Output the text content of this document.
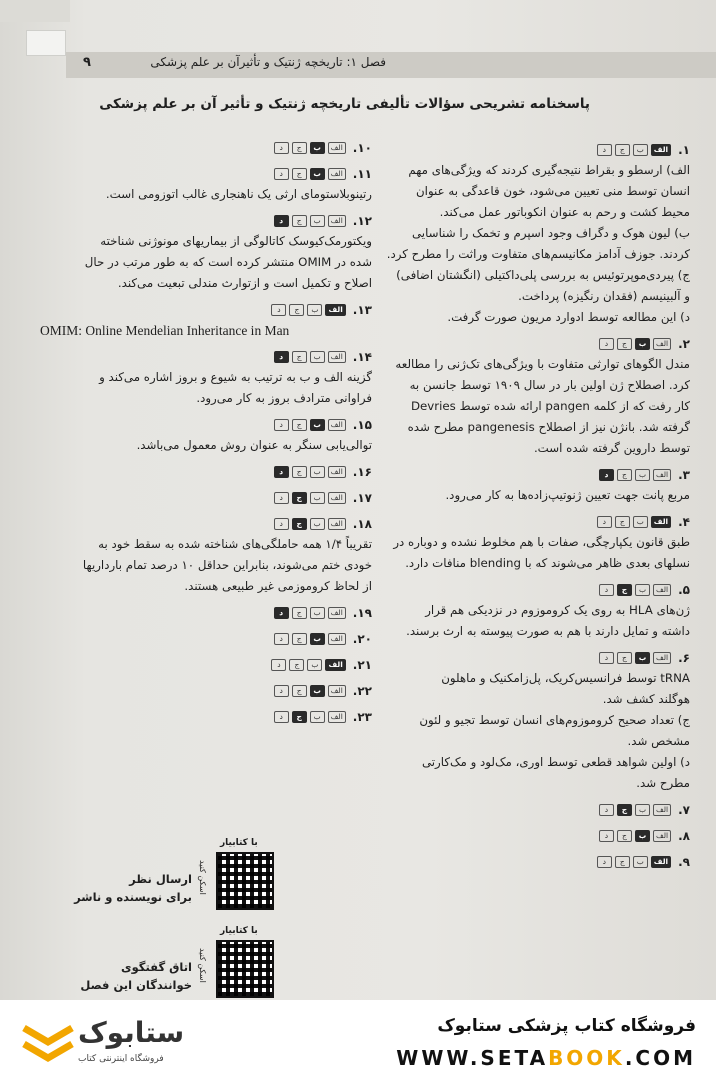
۹	فصل ۱: تاریخچه ژنتیک و تأثیرآن بر علم پزشکی
پاسخنامه تشریحی سؤالات تألیفی تاریخچه ژنتیک و تأثیر آن بر علم پزشکی
۱.
الف
ب
ج
د
الف) ارسطو و بقراط نتیجه‌گیری کردند که ویژگی‌های مهم
انسان توسط منی تعیین می‌شود، خون قاعدگی به عنوان
محیط کشت و رحم به عنوان انکوباتور عمل می‌کند.
ب) لیون هوک و دگراف وجود اسپرم و تخمک را شناسایی
کردند. جوزف آدامز مکانیسم‌های متفاوت وراثت را مطرح کرد.
ج) پیردی‌موپرتوئیس به بررسی پلی‌داکتیلی (انگشتان اضافی)
و آلبینیسم (فقدان رنگیزه) پرداخت.
د) این مطالعه توسط ادوارد مریون صورت گرفت.
۲.
الف
ب
ج
د
مندل الگوهای توارثی متفاوت با ویژگی‌های تک‌ژنی را مطالعه
کرد. اصطلاح ژن اولین بار در سال ۱۹۰۹ توسط جانسن به
کار رفت که از کلمه pangen ارائه شده توسط Devries
گرفته شد. بانژن نیز از اصطلاح pangenesis مطرح شده
توسط داروین گرفته شده است.
۳.
الف
ب
ج
د
مربع پانت جهت تعیین ژنوتیپ‌زاده‌ها به کار می‌رود.
۴.
الف
ب
ج
د
طبق قانون یکپارچگی، صفات با هم مخلوط نشده و دوباره در
نسلهای بعدی ظاهر می‌شوند که با blending منافات دارد.
۵.
الف
ب
ج
د
ژن‌های HLA به روی یک کروموزوم در نزدیکی هم قرار
داشته و تمایل دارند با هم به صورت پیوسته به ارث برسند.
۶.
الف
ب
ج
د
tRNA توسط فرانسیس‌کریک، پل‌زامکنیک و ماهلون
هوگلند کشف شد.
ج) تعداد صحیح کروموزوم‌های انسان توسط تجیو و لئون
مشخص شد.
د) اولین شواهد قطعی توسط اوری، مک‌لود و مک‌کارتی
مطرح شد.
۷.
الف
ب
ج
د
۸.
الف
ب
ج
د
۹.
الف
ب
ج
د
۱۰.
الف
ب
ج
د
۱۱.
الف
ب
ج
د
رتینوبلاستومای ارثی یک ناهنجاری غالب اتوزومی است.
۱۲.
الف
ب
ج
د
ویکتورمک‌کیوسک کاتالوگی از بیماریهای مونوژنی شناخته
شده در OMIM منتشر کرده است که به طور مرتب در حال
اصلاح و تکمیل است و ازتوارث مندلی تبعیت می‌کند.
۱۳.
الف
ب
ج
د
OMIM: Online Mendelian Inheritance in Man
۱۴.
الف
ب
ج
د
گزینه الف و ب به ترتیب به شیوع و بروز اشاره می‌کند و
فراوانی مترادف بروز به کار می‌رود.
۱۵.
الف
ب
ج
د
توالی‌یابی سنگر به عنوان روش معمول می‌باشد.
۱۶.
الف
ب
ج
د
۱۷.
الف
ب
ج
د
۱۸.
الف
ب
ج
د
تقریباً ۱/۴ همه حاملگی‌های شناخته شده به سقط خود به
خودی ختم می‌شوند، بنابراین حداقل ۱۰ درصد تمام بارداریها
از لحاظ کروموزمی غیر طبیعی هستند.
۱۹.
الف
ب
ج
د
۲۰.
الف
ب
ج
د
۲۱.
الف
ب
ج
د
۲۲.
الف
ب
ج
د
۲۳.
الف
ب
ج
د
با کتابیار
اسکن کنید
ارسال نظر
برای نویسنده و ناشر
با کتابیار
اسکن کنید
اتاق گفتگوی
خوانندگان این فصل
ستابوک
فروشگاه اینترنتی کتاب
فروشگاه کتاب پزشکی ستابوک
WWW.SETABOOK.COM
